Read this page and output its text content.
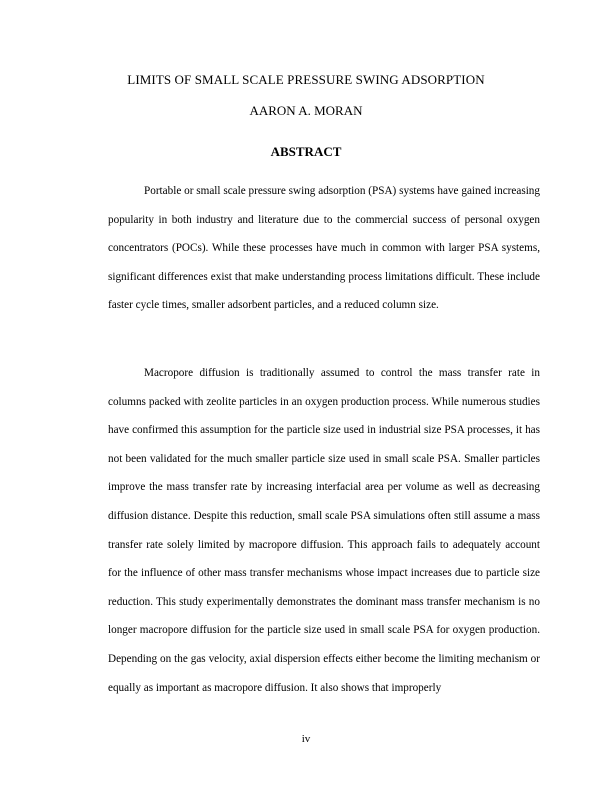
LIMITS OF SMALL SCALE PRESSURE SWING ADSORPTION
AARON A. MORAN
ABSTRACT

Portable or small scale pressure swing adsorption (PSA) systems have gained increasing popularity in both industry and literature due to the commercial success of personal oxygen concentrators (POCs). While these processes have much in common with larger PSA systems, significant differences exist that make understanding process limitations difficult. These include faster cycle times, smaller adsorbent particles, and a reduced column size.

Macropore diffusion is traditionally assumed to control the mass transfer rate in columns packed with zeolite particles in an oxygen production process. While numerous studies have confirmed this assumption for the particle size used in industrial size PSA processes, it has not been validated for the much smaller particle size used in small scale PSA. Smaller particles improve the mass transfer rate by increasing interfacial area per volume as well as decreasing diffusion distance. Despite this reduction, small scale PSA simulations often still assume a mass transfer rate solely limited by macropore diffusion. This approach fails to adequately account for the influence of other mass transfer mechanisms whose impact increases due to particle size reduction. This study experimentally demonstrates the dominant mass transfer mechanism is no longer macropore diffusion for the particle size used in small scale PSA for oxygen production. Depending on the gas velocity, axial dispersion effects either become the limiting mechanism or equally as important as macropore diffusion. It also shows that improperly

iv
